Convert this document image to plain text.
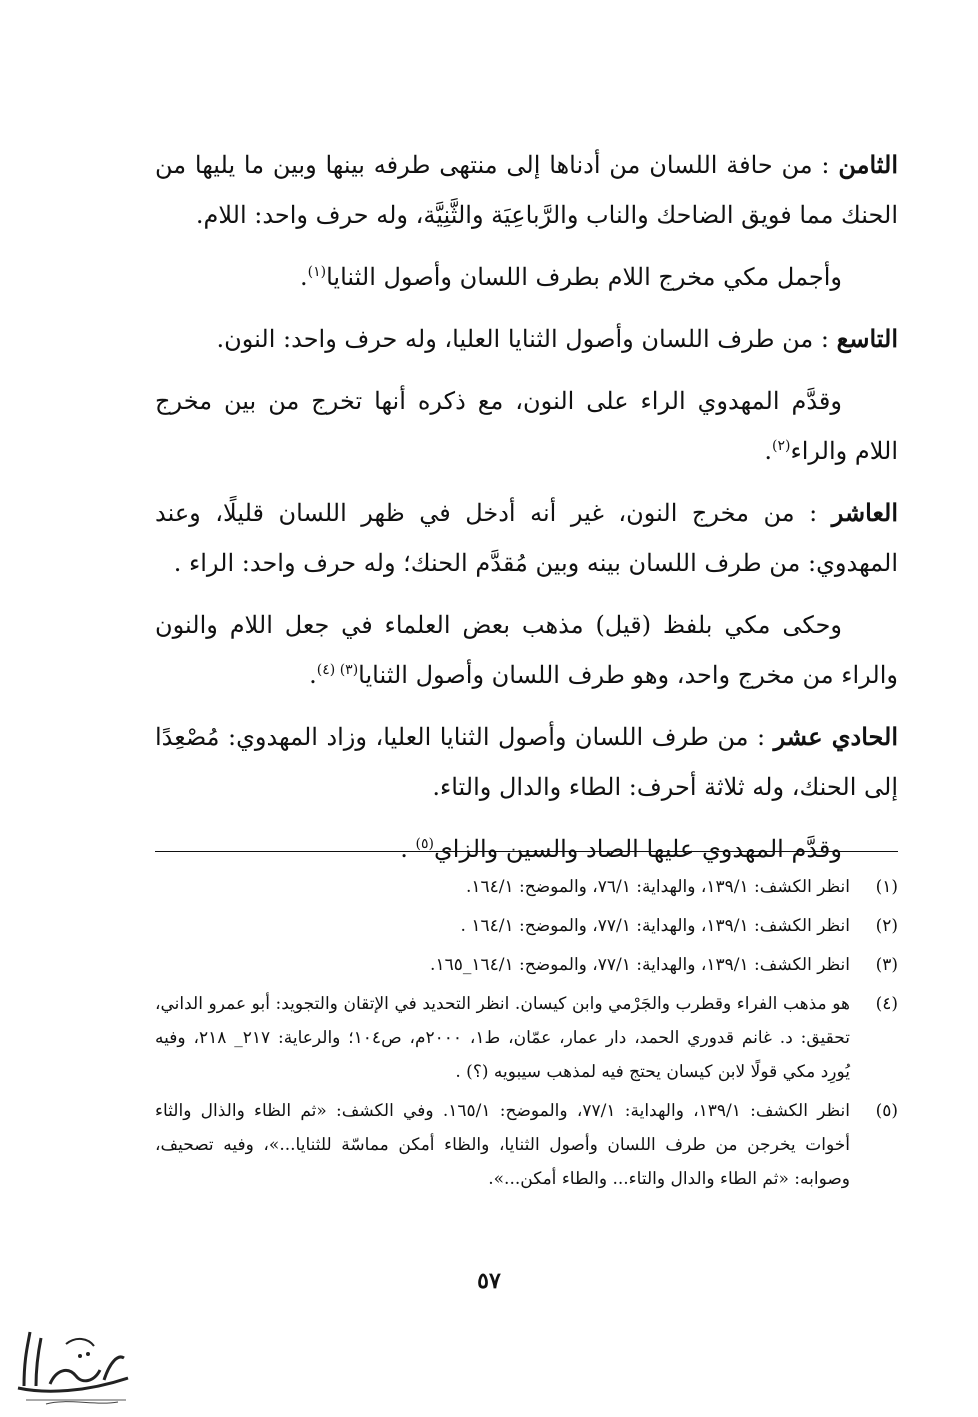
الثامن : من حافة اللسان من أدناها إلى منتهى طرفه بينها وبين ما يليها من الحنك مما فويق الضاحك والناب والرَّباعِيَة والثَّنِيَّة، وله حرف واحد: اللام.

وأجمل مكي مخرج اللام بطرف اللسان وأصول الثنايا$^{(١)}$.

التاسع : من طرف اللسان وأصول الثنايا العليا، وله حرف واحد: النون.

وقدَّم المهدوي الراء على النون، مع ذكره أنها تخرج من بين مخرج اللام والراء$^{(٢)}$.

العاشر : من مخرج النون، غير أنه أدخل في ظهر اللسان قليلًا، وعند المهدوي: من طرف اللسان بينه وبين مُقدَّم الحنك؛ وله حرف واحد: الراء .

وحكى مكي بلفظ (قيل) مذهب بعض العلماء في جعل اللام والنون والراء من مخرج واحد، وهو طرف اللسان وأصول الثنايا$^{(٣) (٤)}$.

الحادي عشر : من طرف اللسان وأصول الثنايا العليا، وزاد المهدوي: مُصْعِدًا إلى الحنك، وله ثلاثة أحرف: الطاء والدال والتاء.

وقدَّم المهدوي عليها الصاد والسين والزاي$^{(٥)}$ .

(١)
انظر الكشف: ١٣٩/١، والهداية: ٧٦/١، والموضح: ١٦٤/١.
(٢)
انظر الكشف: ١٣٩/١، والهداية: ٧٧/١، والموضح: ١٦٤/١ .
(٣)
انظر الكشف: ١٣٩/١، والهداية: ٧٧/١، والموضح: ١٦٤/١_١٦٥.
(٤)
هو مذهب الفراء وقطرب والجَرْمي وابن كيسان. انظر التحديد في الإتقان والتجويد: أبو عمرو الداني، تحقيق: د. غانم قدوري الحمد، دار عمار، عمّان، ط١، ٢٠٠٠م، ص١٠٤؛ والرعاية: ٢١٧_ ٢١٨، وفيه يُورِد مكي قولًا لابن كيسان يحتج فيه لمذهب سيبويه (؟) .
(٥)
انظر الكشف: ١٣٩/١، والهداية: ٧٧/١، والموضح: ١٦٥/١. وفي الكشف: «ثم الظاء والذال والثاء أخوات يخرجن من طرف اللسان وأصول الثنايا، والظاء أمكن مماسّة للثنايا...»، وفيه تصحيف، وصوابه: «ثم الطاء والدال والتاء... والطاء أمكن...».
٥٧
